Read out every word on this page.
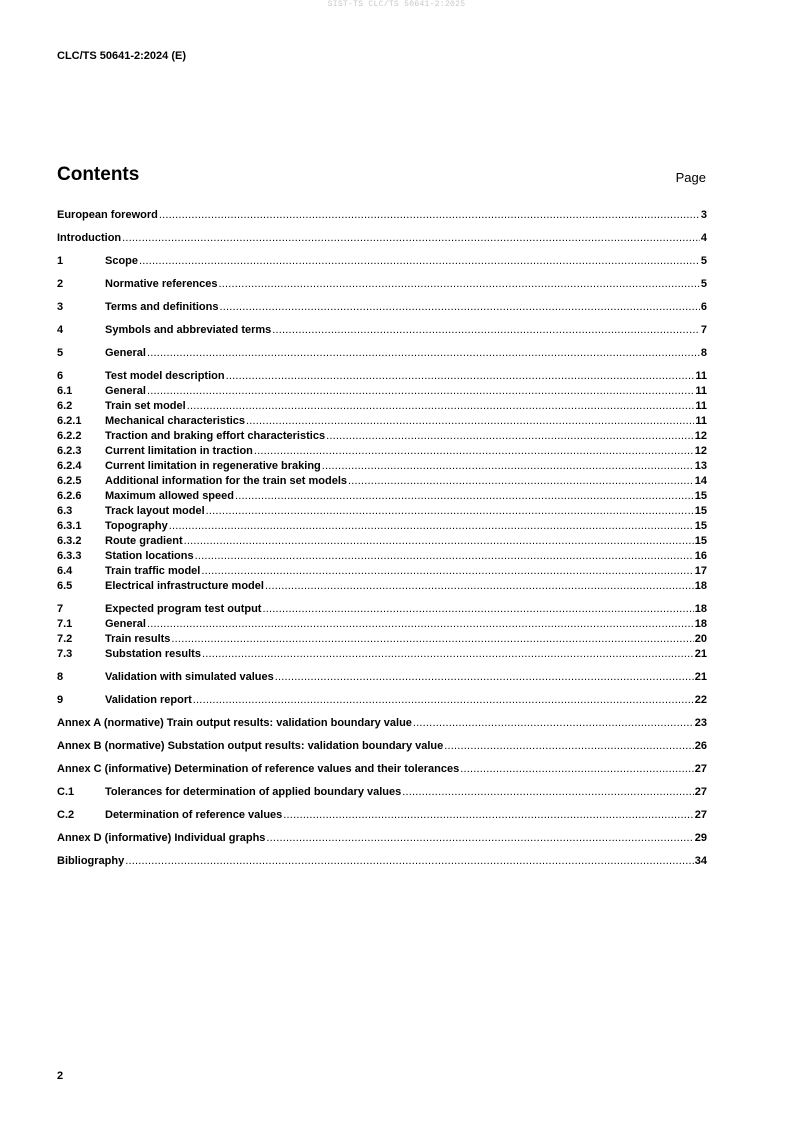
SIST-TS CLC/TS 50641-2:2025
CLC/TS 50641-2:2024 (E)
Contents	Page
European foreword .....	3
Introduction .....	4
1	Scope .....	5
2	Normative references .....	5
3	Terms and definitions .....	6
4	Symbols and abbreviated terms .....	7
5	General .....	8
6	Test model description .....	11
6.1	General .....	11
6.2	Train set model .....	11
6.2.1	Mechanical characteristics .....	11
6.2.2	Traction and braking effort characteristics .....	12
6.2.3	Current limitation in traction .....	12
6.2.4	Current limitation in regenerative braking .....	13
6.2.5	Additional information for the train set models .....	14
6.2.6	Maximum allowed speed .....	15
6.3	Track layout model .....	15
6.3.1	Topography .....	15
6.3.2	Route gradient .....	15
6.3.3	Station locations .....	16
6.4	Train traffic model .....	17
6.5	Electrical infrastructure model .....	18
7	Expected program test output .....	18
7.1	General .....	18
7.2	Train results .....	20
7.3	Substation results .....	21
8	Validation with simulated values .....	21
9	Validation report .....	22
Annex A (normative) Train output results: validation boundary value .....	23
Annex B (normative) Substation output results: validation boundary value .....	26
Annex C (informative) Determination of reference values and their tolerances .....	27
C.1	Tolerances for determination of applied boundary values .....	27
C.2	Determination of reference values .....	27
Annex D (informative) Individual graphs .....	29
Bibliography .....	34
2
